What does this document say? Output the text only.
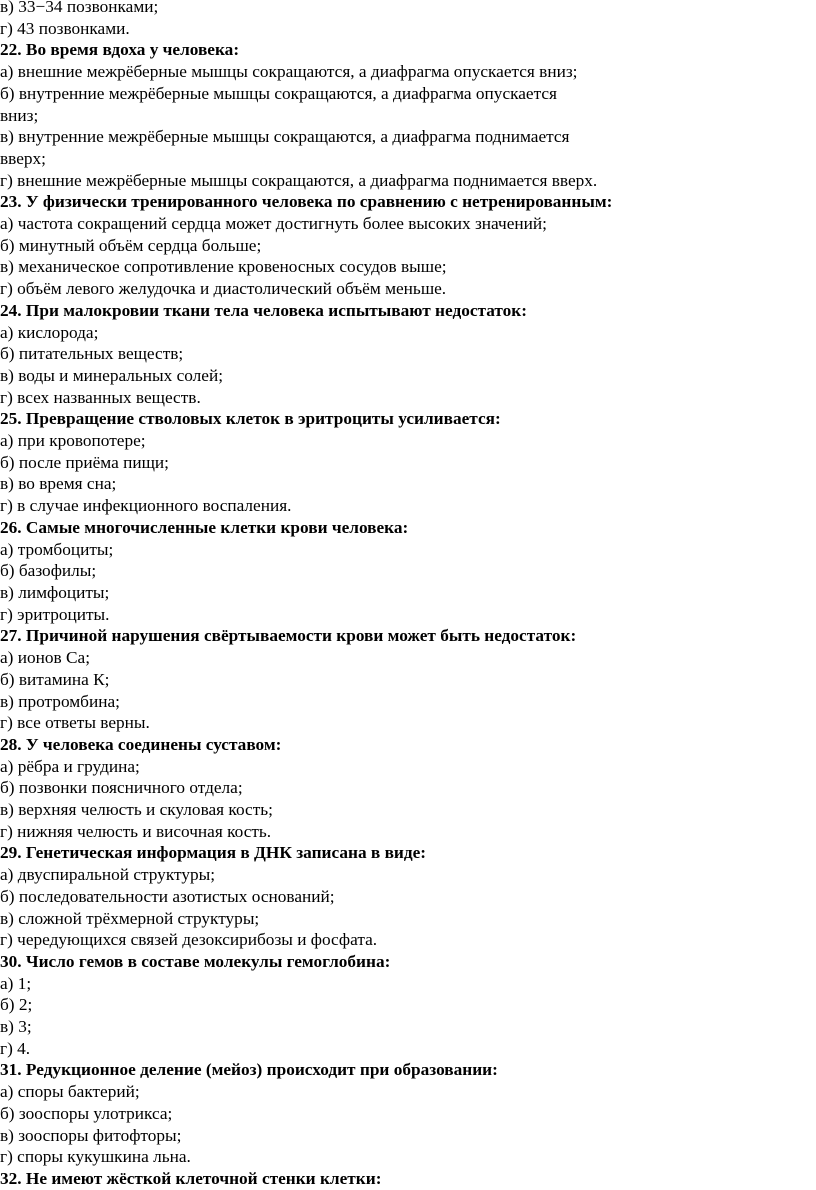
в) 33−34 позвонками;
г) 43 позвонками.
22. Во время вдоха у человека:
а) внешние межрёберные мышцы сокращаются, а диафрагма опускается вниз;
б) внутренние межрёберные мышцы сокращаются, а диафрагма опускается
вниз;
в) внутренние межрёберные мышцы сокращаются, а диафрагма поднимается
вверх;
г) внешние межрёберные мышцы сокращаются, а диафрагма поднимается вверх.
23. У физически тренированного человека по сравнению с нетренированным:
а) частота сокращений сердца может достигнуть более высоких значений;
б) минутный объём сердца больше;
в) механическое сопротивление кровеносных сосудов выше;
г) объём левого желудочка и диастолический объём меньше.
24. При малокровии ткани тела человека испытывают недостаток:
а) кислорода;
б) питательных веществ;
в) воды и минеральных солей;
г) всех названных веществ.
25. Превращение стволовых клеток в эритроциты усиливается:
а) при кровопотере;
б) после приёма пищи;
в) во время сна;
г) в случае инфекционного воспаления.
26. Самые многочисленные клетки крови человека:
а) тромбоциты;
б) базофилы;
в) лимфоциты;
г) эритроциты.
27. Причиной нарушения свёртываемости крови может быть недостаток:
а) ионов Са;
б) витамина К;
в) протромбина;
г) все ответы верны.
28. У человека соединены суставом:
а) рёбра и грудина;
б) позвонки поясничного отдела;
в) верхняя челюсть и скуловая кость;
г) нижняя челюсть и височная кость.
29. Генетическая информация в ДНК записана в виде:
а) двуспиральной структуры;
б) последовательности азотистых оснований;
в) сложной трёхмерной структуры;
г) чередующихся связей дезоксирибозы и фосфата.
30. Число гемов в составе молекулы гемоглобина:
а) 1;
б) 2;
в) 3;
г) 4.
31. Редукционное деление (мейоз) происходит при образовании:
а) споры бактерий;
б) зооспоры улотрикса;
в) зооспоры фитофторы;
г) споры кукушкина льна.
32. Не имеют жёсткой клеточной стенки клетки:
